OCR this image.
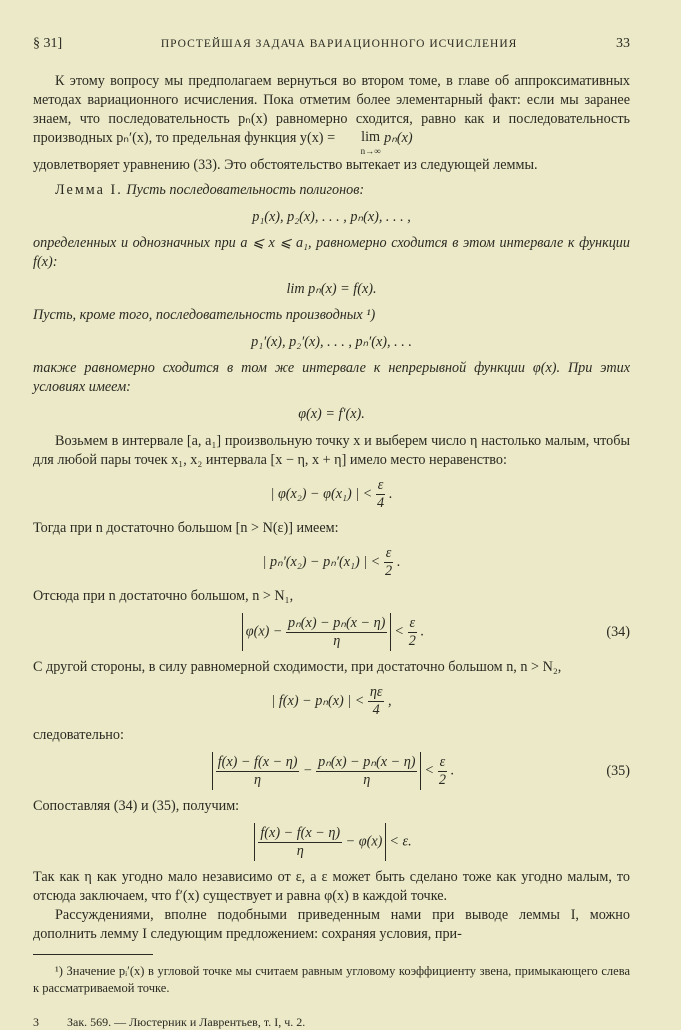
§ 31]	ПРОСТЕЙШАЯ ЗАДАЧА ВАРИАЦИОННОГО ИСЧИСЛЕНИЯ	33

К этому вопросу мы предполагаем вернуться во втором томе, в главе об аппроксимативных методах вариационного исчисления. Пока отметим более элементарный факт: если мы заранее знаем, что последовательность pₙ(x) равномерно сходится, равно как и последовательность производных pₙ′(x), то предельная функция y(x) = lim
n→∞
pₙ(x)

удовлетворяет уравнению (33). Это обстоятельство вытекает из следующей леммы.

Лемма I. Пусть последовательность полигонов:

p₁(x), p₂(x), . . . , pₙ(x), . . . ,

определенных и однозначных при a ⩽ x ⩽ a₁, равномерно сходится в этом интервале к функции f(x):

lim pₙ(x) = f(x).

Пусть, кроме того, последовательность производных ¹)

p₁′(x), p₂′(x), . . . , pₙ′(x), . . .

также равномерно сходится в том же интервале к непрерывной функции φ(x). При этих условиях имеем:

φ(x) = f′(x).

Возьмем в интервале [a, a₁] произвольную точку x и выберем число η настолько малым, чтобы для любой пары точек x₁, x₂ интервала [x − η, x + η] имело место неравенство:

| φ(x₂) − φ(x₁) | < $\frac{\varepsilon}{4}$ .

Тогда при n достаточно большом [n > N(ε)] имеем:

| pₙ′(x₂) − pₙ′(x₁) | < $\frac{\varepsilon}{2}$ .

Отсюда при n достаточно большом, n > N₁,

$\varphi(x) - \frac{\text{pₙ(x) − pₙ(x − η)}}{\eta} < \frac{\varepsilon}{2}$ .	(34)

С другой стороны, в силу равномерной сходимости, при достаточно большом n, n > N₂,

| f(x) − pₙ(x) | < $\frac{\eta\varepsilon}{4}$ ,

следовательно:

$\frac{f(x) - f(x - \eta)}{\eta} - \frac{\text{pₙ(x) − pₙ(x − η)}}{\eta} < \frac{\varepsilon}{2}$ .	(35)

Сопоставляя (34) и (35), получим:

$\frac{f(x) - f(x - \eta)}{\eta} - \varphi(x) < \varepsilon$.

Так как η как угодно мало независимо от ε, а ε может быть сделано тоже как угодно малым, то отсюда заключаем, что f′(x) существует и равна φ(x) в каждой точке.

Рассуждениями, вполне подобными приведенным нами при выводе леммы I, можно дополнить лемму I следующим предложением: сохраняя условия, при-

¹) Значение pᵢ′(x) в угловой точке мы считаем равным угловому коэффициенту звена, примыкающего слева к рассматриваемой точке.

3 Зак. 569. — Люстерник и Лаврентьев, т. I, ч. 2.
